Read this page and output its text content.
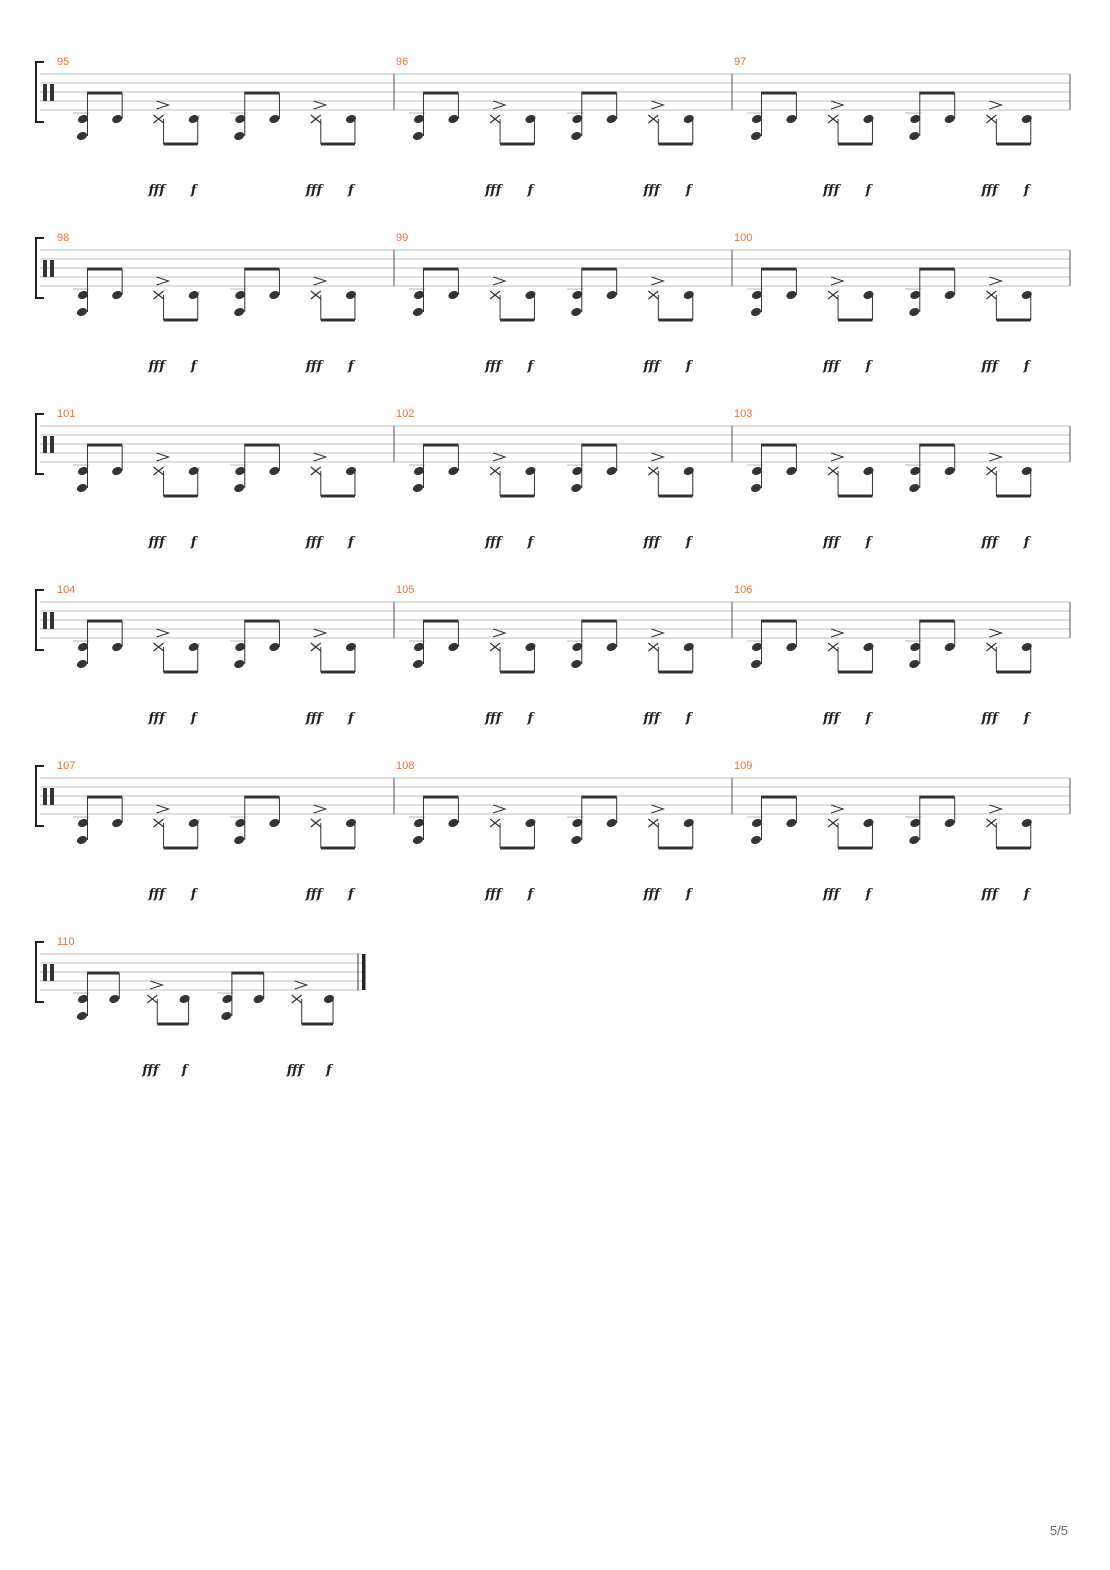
95
fff f	fff f
96
fff f	fff f
97
fff f	fff f
98
fff f	fff f
99
fff f	fff f
100
fff f	fff f
101
fff f	fff f
102
fff f	fff f
103
fff f	fff f
104
fff f	fff f
105
fff f	fff f
106
fff f	fff f
107
fff f	fff f
108
fff f	fff f
109
fff f	fff f
110
fff f	fff f
5/5
